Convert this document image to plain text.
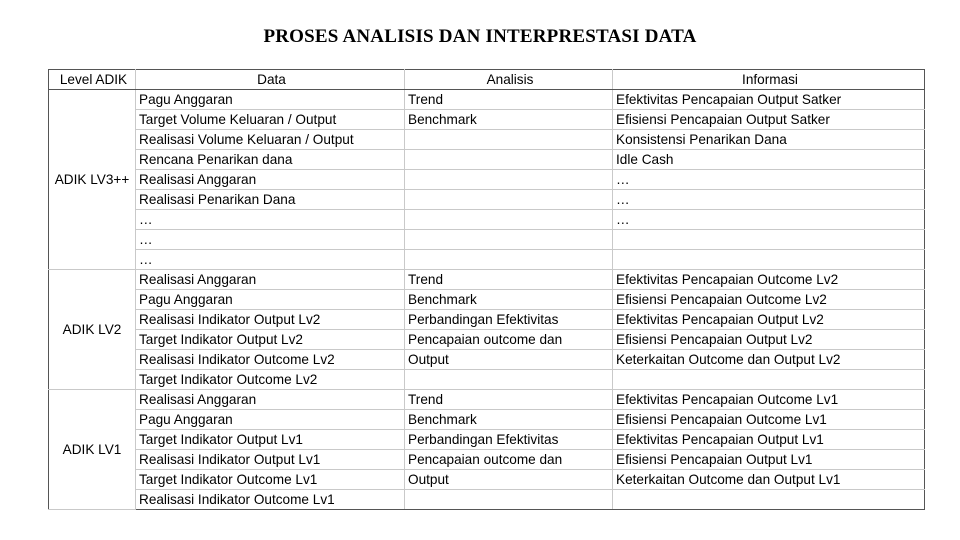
PROSES ANALISIS DAN INTERPRESTASI DATA
Level ADIK	Data	Analisis	Informasi
ADIK LV3++	Pagu Anggaran	Trend	Efektivitas Pencapaian Output Satker
	Target Volume Keluaran / Output	Benchmark	Efisiensi Pencapaian Output Satker
	Realisasi Volume Keluaran / Output		Konsistensi Penarikan Dana
	Rencana Penarikan dana		Idle Cash
	Realisasi Anggaran		…
	Realisasi Penarikan Dana		…
	…		…
	…		
	…		
ADIK LV2	Realisasi Anggaran	Trend	Efektivitas Pencapaian Outcome Lv2
	Pagu Anggaran	Benchmark	Efisiensi Pencapaian Outcome Lv2
	Realisasi Indikator Output Lv2	Perbandingan Efektivitas	Efektivitas Pencapaian Output Lv2
	Target Indikator Output Lv2	Pencapaian outcome dan	Efisiensi Pencapaian Output Lv2
	Realisasi Indikator Outcome Lv2	Output	Keterkaitan Outcome dan Output Lv2
	Target Indikator Outcome Lv2		
ADIK LV1	Realisasi Anggaran	Trend	Efektivitas Pencapaian Outcome Lv1
	Pagu Anggaran	Benchmark	Efisiensi Pencapaian Outcome Lv1
	Target Indikator Output Lv1	Perbandingan Efektivitas	Efektivitas Pencapaian Output Lv1
	Realisasi Indikator Output Lv1	Pencapaian outcome dan	Efisiensi Pencapaian Output Lv1
	Target Indikator Outcome Lv1	Output	Keterkaitan Outcome dan Output Lv1
	Realisasi Indikator Outcome Lv1		
